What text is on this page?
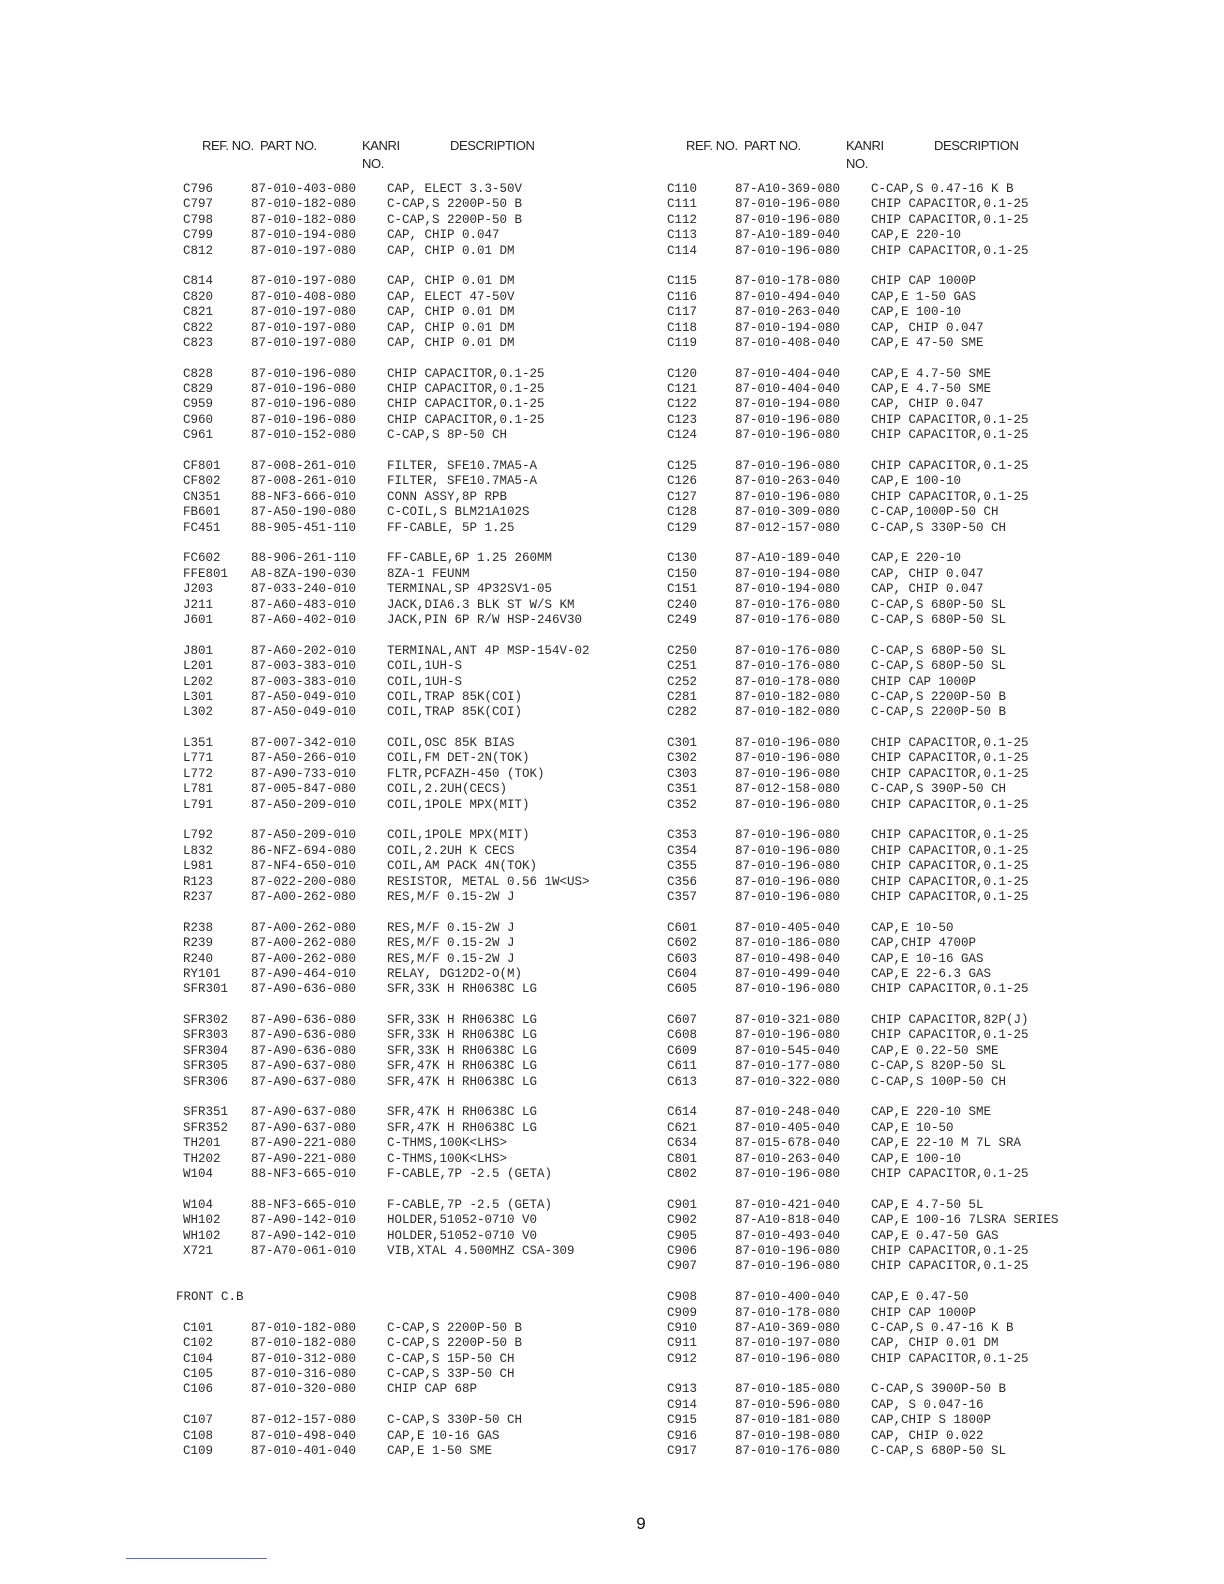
REF. NO. PART NO.	KANRI
NO.
DESCRIPTION
C796	87-010-403-080 CAP, ELECT 3.3-50V
C797	87-010-182-080 C-CAP,S 2200P-50 B
C798	87-010-182-080 C-CAP,S 2200P-50 B
C799	87-010-194-080 CAP, CHIP 0.047
C812	87-010-197-080 CAP, CHIP 0.01 DM
C814	87-010-197-080 CAP, CHIP 0.01 DM
C820	87-010-408-080 CAP, ELECT 47-50V
C821	87-010-197-080 CAP, CHIP 0.01 DM
C822	87-010-197-080 CAP, CHIP 0.01 DM
C823	87-010-197-080 CAP, CHIP 0.01 DM
C828	87-010-196-080 CHIP CAPACITOR,0.1-25
C829	87-010-196-080 CHIP CAPACITOR,0.1-25
C959	87-010-196-080 CHIP CAPACITOR,0.1-25
C960	87-010-196-080 CHIP CAPACITOR,0.1-25
C961	87-010-152-080 C-CAP,S 8P-50 CH
CF801 87-008-261-010 FILTER, SFE10.7MA5-A
CF802 87-008-261-010 FILTER, SFE10.7MA5-A
CN351 88-NF3-666-010 CONN ASSY,8P RPB
FB601 87-A50-190-080 C-COIL,S BLM21A102S
FC451 88-905-451-110 FF-CABLE, 5P 1.25
FC602 88-906-261-110 FF-CABLE,6P 1.25 260MM
FFE801 A8-8ZA-190-030 8ZA-1 FEUNM
J203	87-033-240-010 TERMINAL,SP 4P32SV1-05
J211	87-A60-483-010 JACK,DIA6.3 BLK ST W/S KM
J601	87-A60-402-010 JACK,PIN 6P R/W HSP-246V30
J801	87-A60-202-010 TERMINAL,ANT 4P MSP-154V-02
L201	87-003-383-010 COIL,1UH-S
L202	87-003-383-010 COIL,1UH-S
L301	87-A50-049-010 COIL,TRAP 85K(COI)
L302	87-A50-049-010 COIL,TRAP 85K(COI)
L351	87-007-342-010 COIL,OSC 85K BIAS
L771	87-A50-266-010 COIL,FM DET-2N(TOK)
L772	87-A90-733-010 FLTR,PCFAZH-450 (TOK)
L781	87-005-847-080 COIL,2.2UH(CECS)
L791	87-A50-209-010 COIL,1POLE MPX(MIT)
L792	87-A50-209-010 COIL,1POLE MPX(MIT)
L832	86-NFZ-694-080 COIL,2.2UH K CECS
L981	87-NF4-650-010 COIL,AM PACK 4N(TOK)
R123	87-022-200-080 RESISTOR, METAL 0.56 1W<US>
R237	87-A00-262-080 RES,M/F 0.15-2W J
R238	87-A00-262-080 RES,M/F 0.15-2W J
R239	87-A00-262-080 RES,M/F 0.15-2W J
R240	87-A00-262-080 RES,M/F 0.15-2W J
RY101 87-A90-464-010 RELAY, DG12D2-O(M)
SFR301 87-A90-636-080 SFR,33K H RH0638C LG
SFR302 87-A90-636-080 SFR,33K H RH0638C LG
SFR303 87-A90-636-080 SFR,33K H RH0638C LG
SFR304 87-A90-636-080 SFR,33K H RH0638C LG
SFR305 87-A90-637-080 SFR,47K H RH0638C LG
SFR306 87-A90-637-080 SFR,47K H RH0638C LG
SFR351 87-A90-637-080 SFR,47K H RH0638C LG
SFR352 87-A90-637-080 SFR,47K H RH0638C LG
TH201 87-A90-221-080 C-THMS,100K<LHS>
TH202 87-A90-221-080 C-THMS,100K<LHS>
W104	88-NF3-665-010 F-CABLE,7P -2.5 (GETA)
W104	88-NF3-665-010 F-CABLE,7P -2.5 (GETA)
WH102 87-A90-142-010 HOLDER,51052-0710 V0
WH102 87-A90-142-010 HOLDER,51052-0710 V0
X721	87-A70-061-010 VIB,XTAL 4.500MHZ CSA-309
FRONT C.B
C101	87-010-182-080 C-CAP,S 2200P-50 B
C102	87-010-182-080 C-CAP,S 2200P-50 B
C104	87-010-312-080 C-CAP,S 15P-50 CH
C105	87-010-316-080 C-CAP,S 33P-50 CH
C106	87-010-320-080 CHIP CAP 68P
C107	87-012-157-080 C-CAP,S 330P-50 CH
C108	87-010-498-040 CAP,E 10-16 GAS
C109	87-010-401-040 CAP,E 1-50 SME
REF. NO. PART NO.	KANRI
NO.
DESCRIPTION
C110	87-A10-369-080 C-CAP,S 0.47-16 K B
C111	87-010-196-080 CHIP CAPACITOR,0.1-25
C112	87-010-196-080 CHIP CAPACITOR,0.1-25
C113	87-A10-189-040 CAP,E 220-10
C114	87-010-196-080 CHIP CAPACITOR,0.1-25
C115	87-010-178-080 CHIP CAP 1000P
C116	87-010-494-040 CAP,E 1-50 GAS
C117	87-010-263-040 CAP,E 100-10
C118	87-010-194-080 CAP, CHIP 0.047
C119	87-010-408-040 CAP,E 47-50 SME
C120	87-010-404-040 CAP,E 4.7-50 SME
C121	87-010-404-040 CAP,E 4.7-50 SME
C122	87-010-194-080 CAP, CHIP 0.047
C123	87-010-196-080 CHIP CAPACITOR,0.1-25
C124	87-010-196-080 CHIP CAPACITOR,0.1-25
C125	87-010-196-080 CHIP CAPACITOR,0.1-25
C126	87-010-263-040 CAP,E 100-10
C127	87-010-196-080 CHIP CAPACITOR,0.1-25
C128	87-010-309-080 C-CAP,1000P-50 CH
C129	87-012-157-080 C-CAP,S 330P-50 CH
C130	87-A10-189-040 CAP,E 220-10
C150	87-010-194-080 CAP, CHIP 0.047
C151	87-010-194-080 CAP, CHIP 0.047
C240	87-010-176-080 C-CAP,S 680P-50 SL
C249	87-010-176-080 C-CAP,S 680P-50 SL
C250	87-010-176-080 C-CAP,S 680P-50 SL
C251	87-010-176-080 C-CAP,S 680P-50 SL
C252	87-010-178-080 CHIP CAP 1000P
C281	87-010-182-080 C-CAP,S 2200P-50 B
C282	87-010-182-080 C-CAP,S 2200P-50 B
C301	87-010-196-080 CHIP CAPACITOR,0.1-25
C302	87-010-196-080 CHIP CAPACITOR,0.1-25
C303	87-010-196-080 CHIP CAPACITOR,0.1-25
C351	87-012-158-080 C-CAP,S 390P-50 CH
C352	87-010-196-080 CHIP CAPACITOR,0.1-25
C353	87-010-196-080 CHIP CAPACITOR,0.1-25
C354	87-010-196-080 CHIP CAPACITOR,0.1-25
C355	87-010-196-080 CHIP CAPACITOR,0.1-25
C356	87-010-196-080 CHIP CAPACITOR,0.1-25
C357	87-010-196-080 CHIP CAPACITOR,0.1-25
C601	87-010-405-040 CAP,E 10-50
C602	87-010-186-080 CAP,CHIP 4700P
C603	87-010-498-040 CAP,E 10-16 GAS
C604	87-010-499-040 CAP,E 22-6.3 GAS
C605	87-010-196-080 CHIP CAPACITOR,0.1-25
C607	87-010-321-080 CHIP CAPACITOR,82P(J)
C608	87-010-196-080 CHIP CAPACITOR,0.1-25
C609	87-010-545-040 CAP,E 0.22-50 SME
C611	87-010-177-080 C-CAP,S 820P-50 SL
C613	87-010-322-080 C-CAP,S 100P-50 CH
C614	87-010-248-040 CAP,E 220-10 SME
C621	87-010-405-040 CAP,E 10-50
C634	87-015-678-040 CAP,E 22-10 M 7L SRA
C801	87-010-263-040 CAP,E 100-10
C802	87-010-196-080 CHIP CAPACITOR,0.1-25
C901	87-010-421-040 CAP,E 4.7-50 5L
C902	87-A10-818-040 CAP,E 100-16 7LSRA SERIES
C905	87-010-493-040 CAP,E 0.47-50 GAS
C906	87-010-196-080 CHIP CAPACITOR,0.1-25
C907	87-010-196-080 CHIP CAPACITOR,0.1-25
C908	87-010-400-040 CAP,E 0.47-50
C909	87-010-178-080 CHIP CAP 1000P
C910	87-A10-369-080 C-CAP,S 0.47-16 K B
C911	87-010-197-080 CAP, CHIP 0.01 DM
C912	87-010-196-080 CHIP CAPACITOR,0.1-25
C913	87-010-185-080 C-CAP,S 3900P-50 B
C914	87-010-596-080 CAP, S 0.047-16
C915	87-010-181-080 CAP,CHIP S 1800P
C916	87-010-198-080 CAP, CHIP 0.022
C917	87-010-176-080 C-CAP,S 680P-50 SL
9
